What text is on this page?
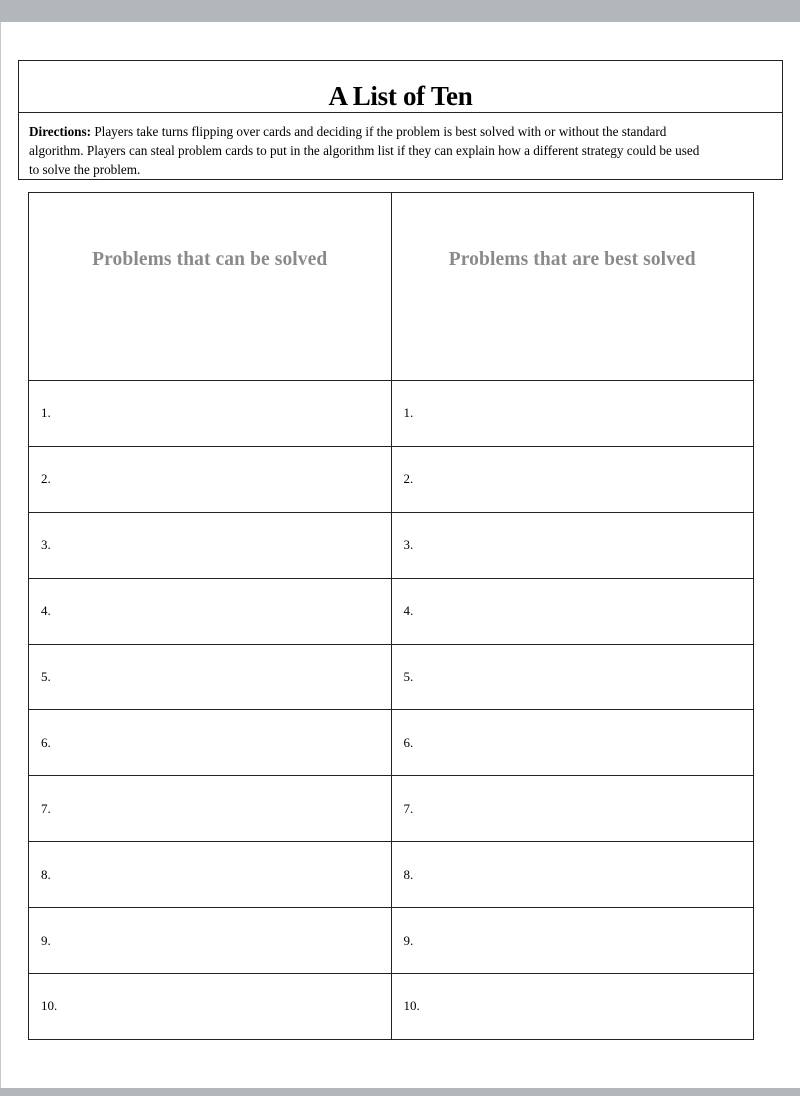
A List of Ten
Directions: Players take turns flipping over cards and deciding if the problem is best solved with or without the standard
algorithm. Players can steal problem cards to put in the algorithm list if they can explain how a different strategy could be used
to solve the problem.
Problems that can be solved	Problems that are best solved

1.	1.
2.	2.
3.	3.
4.	4.
5.	5.
6.	6.
7.	7.
8.	8.
9.	9.
10.	10.
